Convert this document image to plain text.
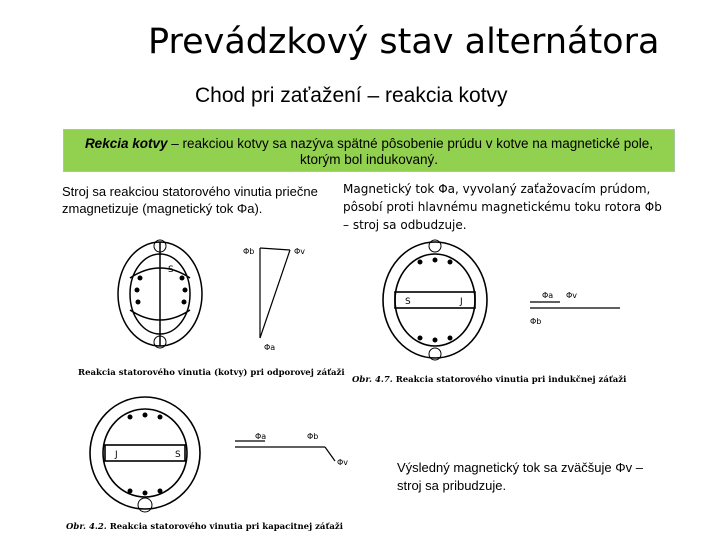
Prevádzkový stav alternátora
Chod pri zaťažení – reakcia kotvy
Rekcia kotvy – reakciou kotvy sa nazýva spätné pôsobenie prúdu v kotve na magnetické pole, ktorým bol indukovaný.
Stroj sa reakciou statorového vinutia priečne zmagnetizuje (magnetický tok Φa).
Magnetický tok Φa, vyvolaný zaťažovacím prúdom, pôsobí proti hlavnému magnetickému toku rotora Φb – stroj sa odbudzuje.
S
Φb	Φv
Φa
Reakcia statorového vinutia (kotvy) pri odporovej záťaži
S	J
Φa Φv
Φb
Obr. 4.7. Reakcia statorového vinutia pri indukčnej záťaži
J	S
Φa	Φb
Φv
Obr. 4.2. Reakcia statorového vinutia pri kapacitnej záťaži
Výsledný magnetický tok sa zväčšuje Φv – stroj sa pribudzuje.
